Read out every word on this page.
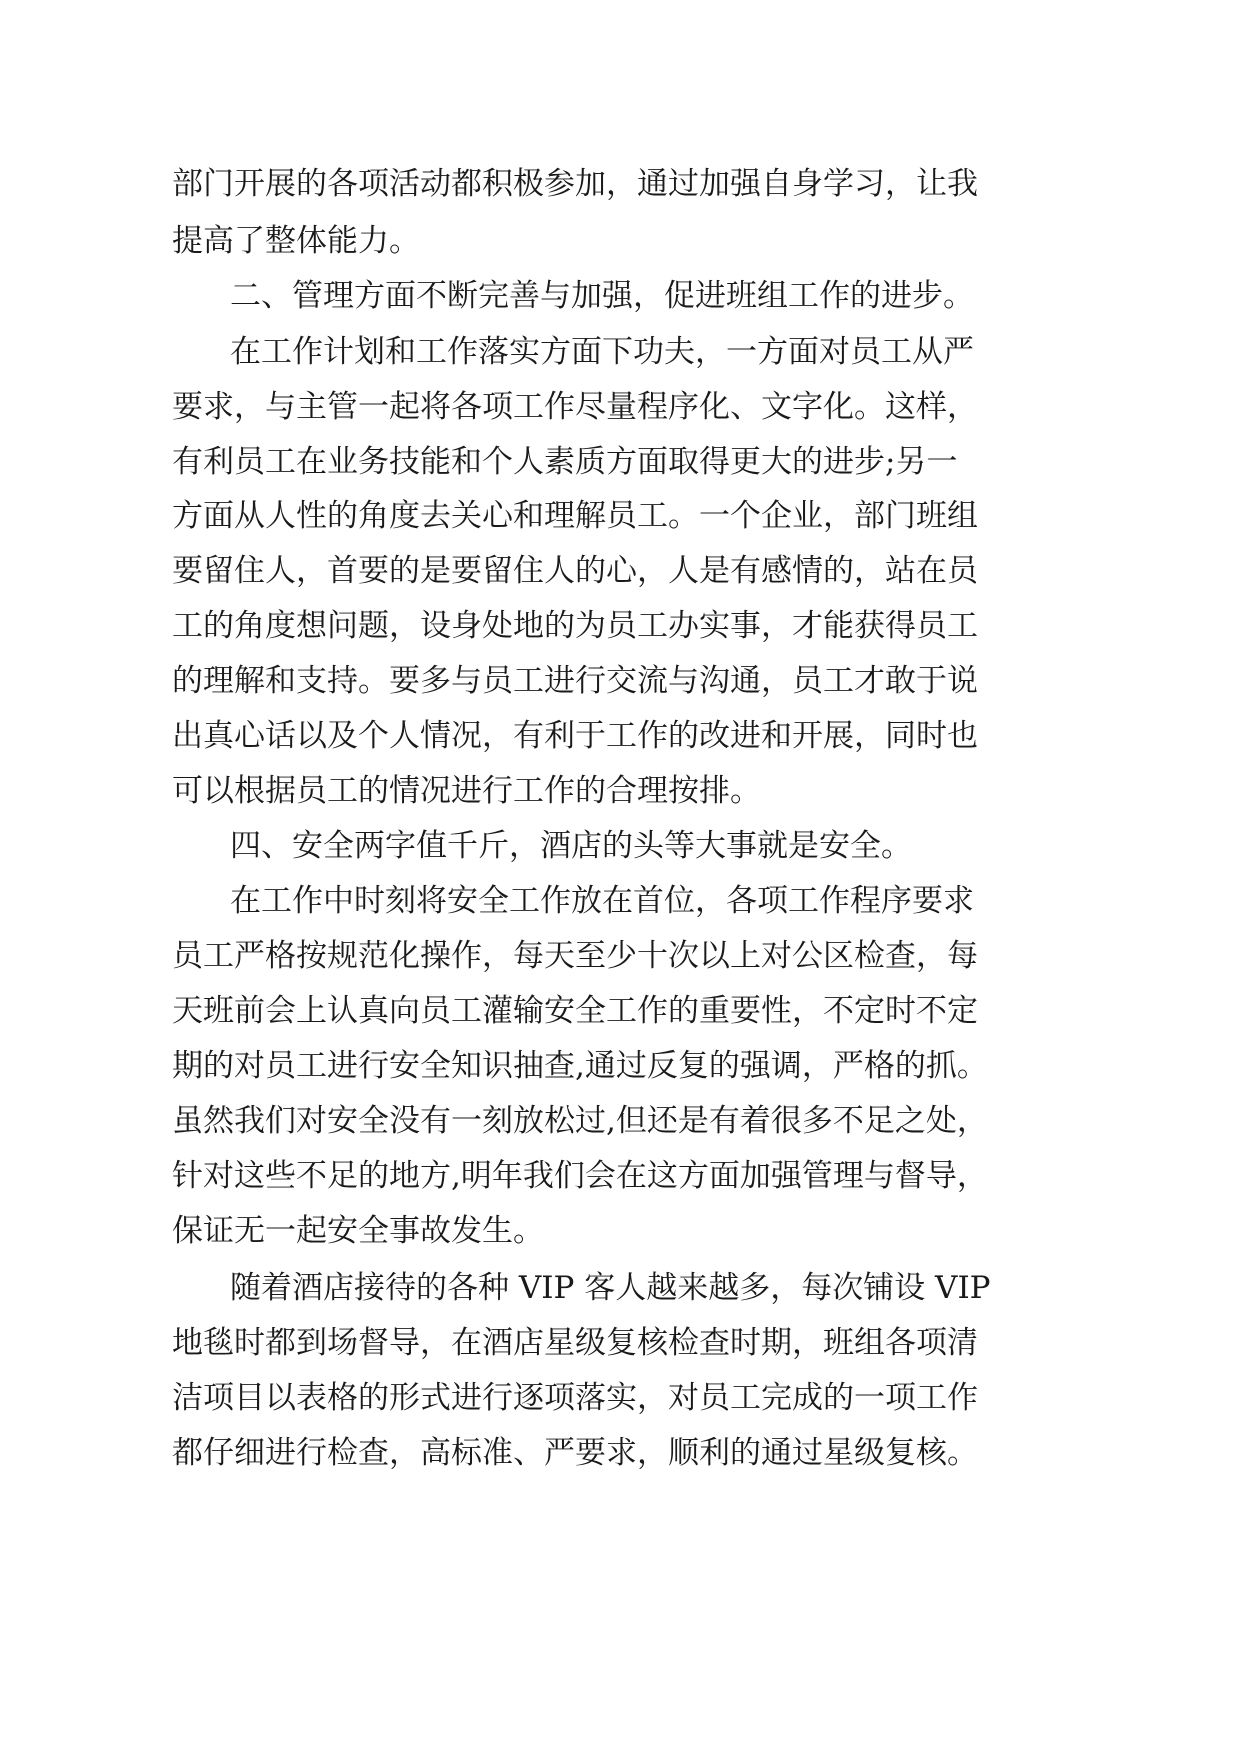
部门开展的各项活动都积极参加，通过加强自身学习，让我
提高了整体能力。
二、管理方面不断完善与加强，促进班组工作的进步。
在工作计划和工作落实方面下功夫，一方面对员工从严
要求，与主管一起将各项工作尽量程序化、文字化。这样，
有利员工在业务技能和个人素质方面取得更大的进步;另一
方面从人性的角度去关心和理解员工。一个企业，部门班组
要留住人，首要的是要留住人的心，人是有感情的，站在员
工的角度想问题，设身处地的为员工办实事，才能获得员工
的理解和支持。要多与员工进行交流与沟通，员工才敢于说
出真心话以及个人情况，有利于工作的改进和开展，同时也
可以根据员工的情况进行工作的合理按排。
四、安全两字值千斤，酒店的头等大事就是安全。
在工作中时刻将安全工作放在首位，各项工作程序要求
员工严格按规范化操作，每天至少十次以上对公区检查，每
天班前会上认真向员工灌输安全工作的重要性，不定时不定
期的对员工进行安全知识抽查,通过反复的强调，严格的抓。
虽然我们对安全没有一刻放松过,但还是有着很多不足之处，
针对这些不足的地方,明年我们会在这方面加强管理与督导，
保证无一起安全事故发生。
随着酒店接待的各种 VIP 客人越来越多，每次铺设 VIP
地毯时都到场督导，在酒店星级复核检查时期，班组各项清
洁项目以表格的形式进行逐项落实，对员工完成的一项工作
都仔细进行检查，高标准、严要求，顺利的通过星级复核。
